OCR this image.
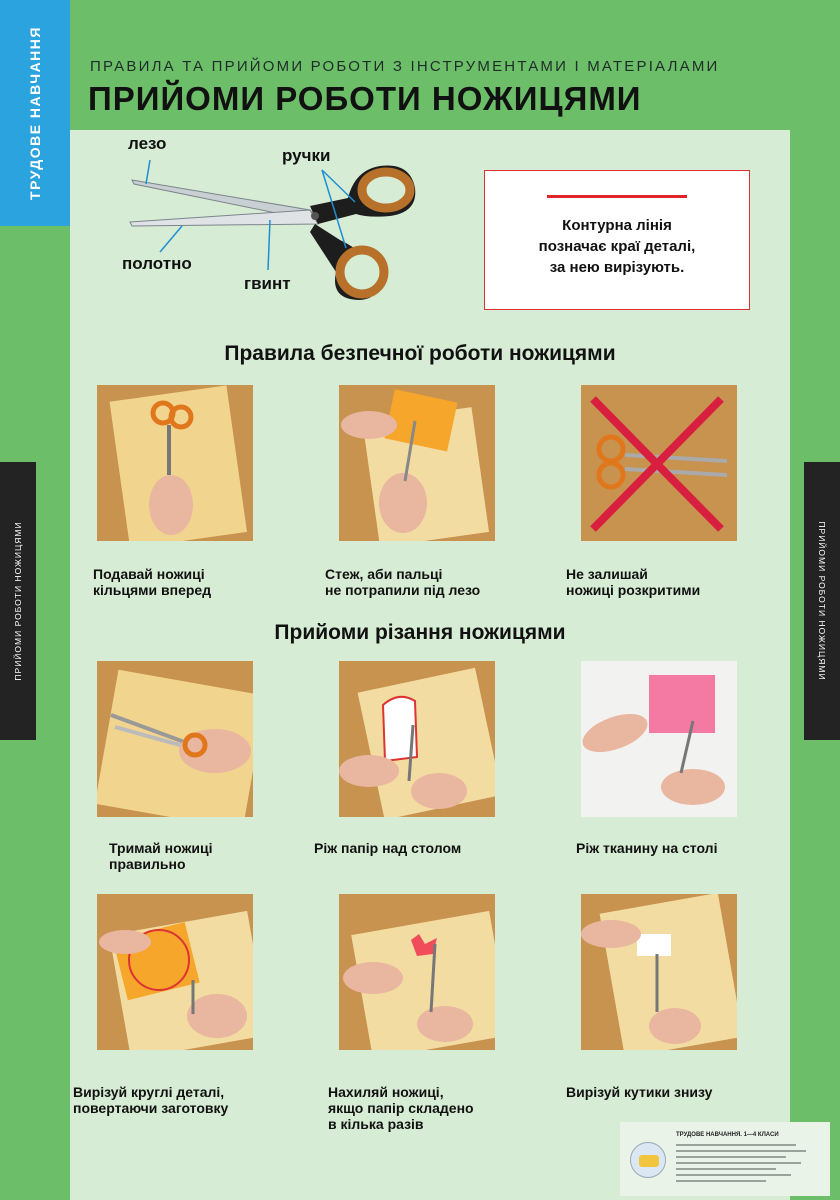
ТРУДОВЕ НАВЧАННЯ	ПРАВИЛА ТА ПРИЙОМИ РОБОТИ З ІНСТРУМЕНТАМИ І МАТЕРІАЛАМИ
ПРИЙОМИ РОБОТИ НОЖИЦЯМИ
ПРИЙОМИ РОБОТИ НОЖИЦЯМИ	ПРИЙОМИ РОБОТИ НОЖИЦЯМИ
лезо
ручки
полотно
гвинт
Контурна лінія
позначає краї деталі,
за нею вирізують.
Правила безпечної роботи ножицями
Подавай ножиці
кільцями вперед
Стеж, аби пальці
не потрапили під лезо
Не залишай
ножиці розкритими
Прийоми різання ножицями
Тримай ножиці
правильно
Ріж папір над столом	Ріж тканину на столі
Вирізуй круглі деталі,
повертаючи заготовку
Нахиляй ножиці,
якщо папір складено
в кілька разів
Вирізуй кутики знизу
ТРУДОВЕ НАВЧАННЯ. 1—4 КЛАСИ
